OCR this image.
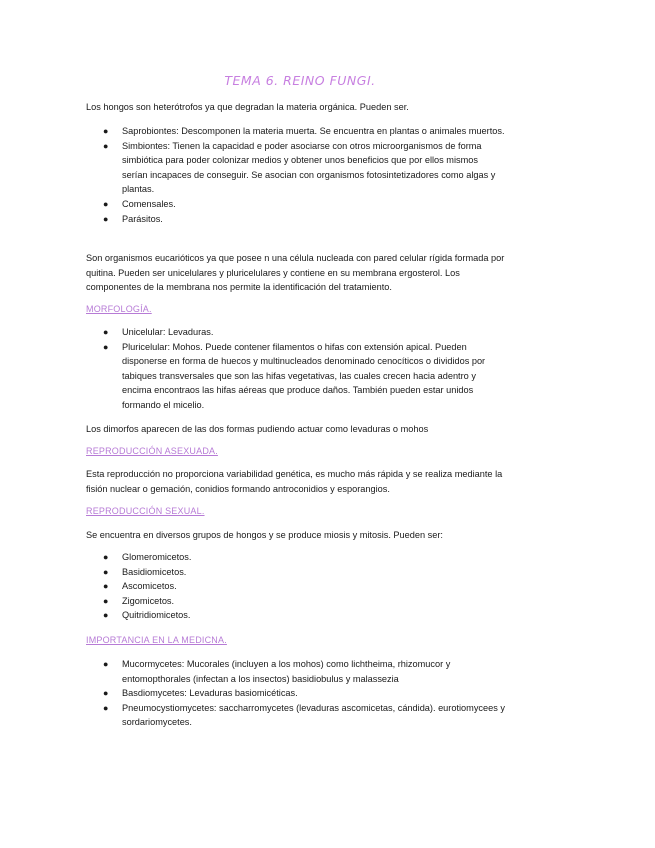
TEMA 6. REINO FUNGI.
Los hongos son heterótrofos ya que degradan la materia orgánica. Pueden ser.
● Saprobiontes: Descomponen la materia muerta. Se encuentra en plantas o animales muertos.
● Simbiontes: Tienen la capacidad e poder asociarse con otros microorganismos de forma simbiótica para poder colonizar medios y obtener unos beneficios que por ellos mismos serían incapaces de conseguir. Se asocian con organismos fotosintetizadores como algas y plantas.
● Comensales.
● Parásitos.
Son organismos eucarióticos ya que posee n una célula nucleada con pared celular rígida formada por quitina. Pueden ser unicelulares y pluricelulares y contiene en su membrana ergosterol. Los componentes de la membrana nos permite la identificación del tratamiento.
MORFOLOGÍA.
● Unicelular: Levaduras.
● Pluricelular: Mohos. Puede contener filamentos o hifas con extensión apical. Pueden disponerse en forma de huecos y multinucleados denominado cenocíticos o divididos por tabiques transversales que son las hifas vegetativas, las cuales crecen hacia adentro y encima encontraos las hifas aéreas que produce daños. También pueden estar unidos formando el micelio.
Los dimorfos aparecen de las dos formas pudiendo actuar como levaduras o mohos
REPRODUCCIÓN ASEXUADA.
Esta reproducción no proporciona variabilidad genética, es mucho más rápida y se realiza mediante la fisión nuclear o gemación, conidios formando antroconidios y esporangios.
REPRODUCCIÓN SEXUAL.
Se encuentra en diversos grupos de hongos y se produce miosis y mitosis. Pueden ser:
● Glomeromicetos.
● Basidiomicetos.
● Ascomicetos.
● Zigomicetos.
● Quitridiomicetos.
IMPORTANCIA EN LA MEDICNA.
● Mucormycetes: Mucorales (incluyen a los mohos) como lichtheima, rhizomucor y entomopthorales (infectan a los insectos) basidiobulus y malassezia
● Basdiomycetes: Levaduras basiomicéticas.
● Pneumocystiomycetes: saccharromycetes (levaduras ascomicetas, cándida). eurotiomycees y sordariomycetes.
